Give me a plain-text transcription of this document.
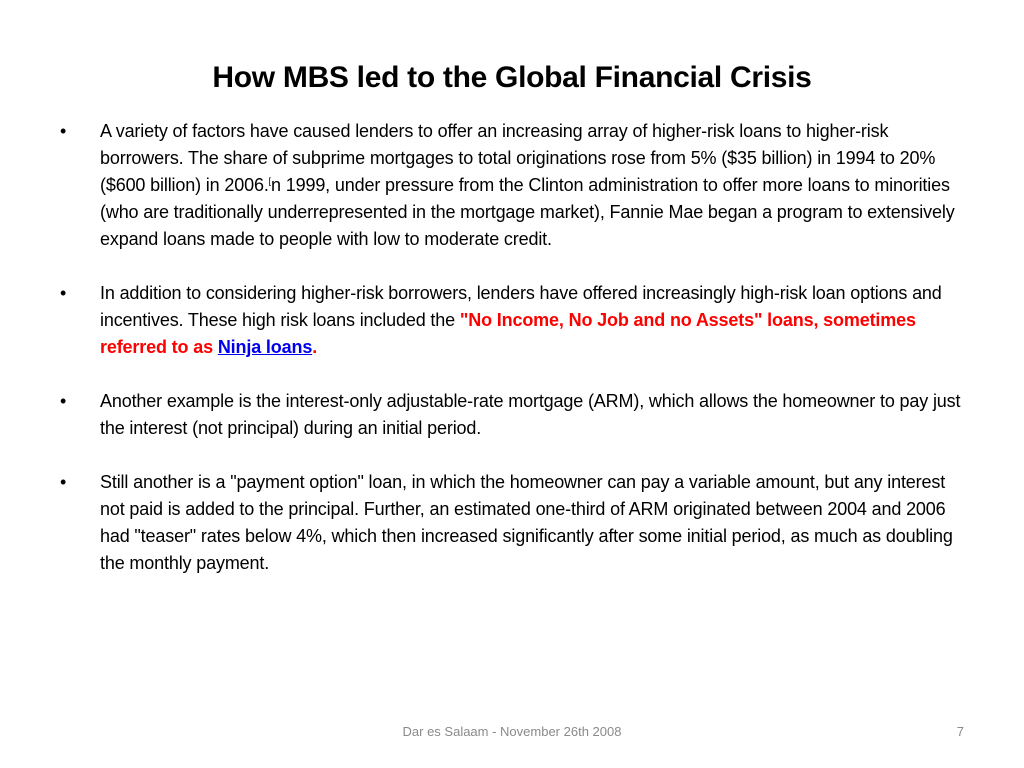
How MBS led to the Global Financial Crisis
•	A variety of factors have caused lenders to offer an increasing array of higher-risk loans to higher-risk borrowers. The share of subprime mortgages to total originations rose from 5% ($35 billion) in 1994 to 20% ($600 billion) in 2006.[n 1999, under pressure from the Clinton administration to offer more loans to minorities (who are traditionally underrepresented in the mortgage market), Fannie Mae began a program to extensively expand loans made to people with low to moderate credit.
•	In addition to considering higher-risk borrowers, lenders have offered increasingly high-risk loan options and incentives. These high risk loans included the "No Income, No Job and no Assets" loans, sometimes referred to as Ninja loans.
•	Another example is the interest-only adjustable-rate mortgage (ARM), which allows the homeowner to pay just the interest (not principal) during an initial period.
•	Still another is a "payment option" loan, in which the homeowner can pay a variable amount, but any interest not paid is added to the principal. Further, an estimated one-third of ARM originated between 2004 and 2006 had "teaser" rates below 4%, which then increased significantly after some initial period, as much as doubling the monthly payment.
Dar es Salaam - November 26th 2008	7
